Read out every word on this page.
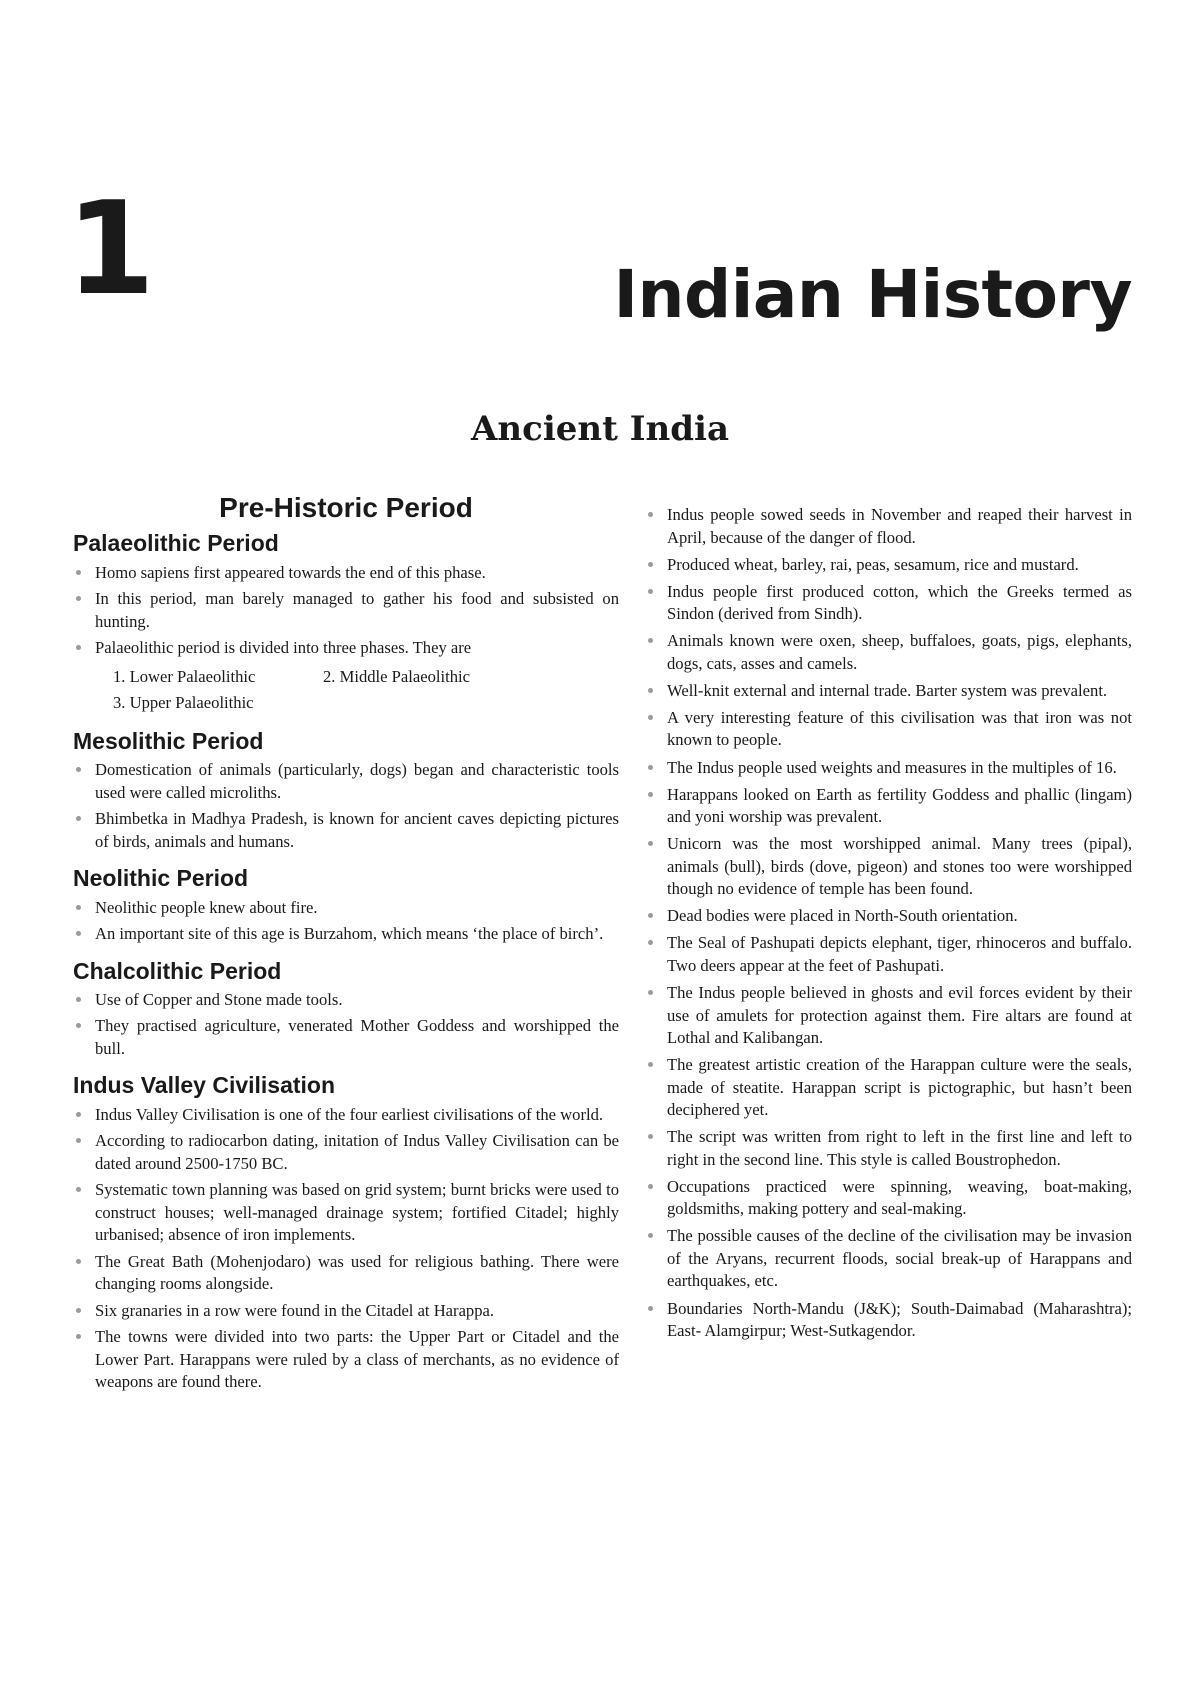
1	Indian History
Ancient India
Pre-Historic Period
Palaeolithic Period
Homo sapiens first appeared towards the end of this phase.
In this period, man barely managed to gather his food and subsisted on hunting.
Palaeolithic period is divided into three phases. They are
1. Lower Palaeolithic	2. Middle Palaeolithic
3. Upper Palaeolithic
Mesolithic Period
Domestication of animals (particularly, dogs) began and characteristic tools used were called microliths.
Bhimbetka in Madhya Pradesh, is known for ancient caves depicting pictures of birds, animals and humans.
Neolithic Period
Neolithic people knew about fire.
An important site of this age is Burzahom, which means ‘the place of birch’.
Chalcolithic Period
Use of Copper and Stone made tools.
They practised agriculture, venerated Mother Goddess and worshipped the bull.
Indus Valley Civilisation
Indus Valley Civilisation is one of the four earliest civilisations of the world.
According to radiocarbon dating, initation of Indus Valley Civilisation can be dated around 2500-1750 BC.
Systematic town planning was based on grid system; burnt bricks were used to construct houses; well-managed drainage system; fortified Citadel; highly urbanised; absence of iron implements.
The Great Bath (Mohenjodaro) was used for religious bathing. There were changing rooms alongside.
Six granaries in a row were found in the Citadel at Harappa.
The towns were divided into two parts: the Upper Part or Citadel and the Lower Part. Harappans were ruled by a class of merchants, as no evidence of weapons are found there.
Indus people sowed seeds in November and reaped their harvest in April, because of the danger of flood.
Produced wheat, barley, rai, peas, sesamum, rice and mustard.
Indus people first produced cotton, which the Greeks termed as Sindon (derived from Sindh).
Animals known were oxen, sheep, buffaloes, goats, pigs, elephants, dogs, cats, asses and camels.
Well-knit external and internal trade. Barter system was prevalent.
A very interesting feature of this civilisation was that iron was not known to people.
The Indus people used weights and measures in the multiples of 16.
Harappans looked on Earth as fertility Goddess and phallic (lingam) and yoni worship was prevalent.
Unicorn was the most worshipped animal. Many trees (pipal), animals (bull), birds (dove, pigeon) and stones too were worshipped though no evidence of temple has been found.
Dead bodies were placed in North-South orientation.
The Seal of Pashupati depicts elephant, tiger, rhinoceros and buffalo. Two deers appear at the feet of Pashupati.
The Indus people believed in ghosts and evil forces evident by their use of amulets for protection against them. Fire altars are found at Lothal and Kalibangan.
The greatest artistic creation of the Harappan culture were the seals, made of steatite. Harappan script is pictographic, but hasn’t been deciphered yet.
The script was written from right to left in the first line and left to right in the second line. This style is called Boustrophedon.
Occupations practiced were spinning, weaving, boat-making, goldsmiths, making pottery and seal-making.
The possible causes of the decline of the civilisation may be invasion of the Aryans, recurrent floods, social break-up of Harappans and earthquakes, etc.
Boundaries North-Mandu (J&K); South-Daimabad (Maharashtra); East- Alamgirpur; West-Sutkagendor.
